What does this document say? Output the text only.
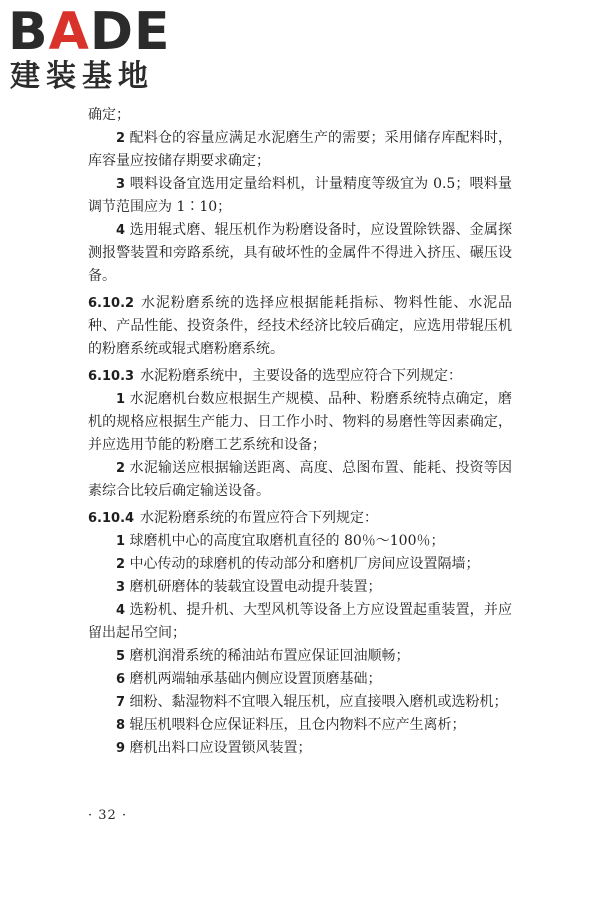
BADE
建装基地

确定；

2 配料仓的容量应满足水泥磨生产的需要；采用储存库配料时，库容量应按储存期要求确定；

3 喂料设备宜选用定量给料机，计量精度等级宜为 0.5；喂料量调节范围应为 1∶10；

4 选用辊式磨、辊压机作为粉磨设备时，应设置除铁器、金属探测报警装置和旁路系统，具有破坏性的金属件不得进入挤压、碾压设备。

6.10.2 水泥粉磨系统的选择应根据能耗指标、物料性能、水泥品种、产品性能、投资条件，经技术经济比较后确定，应选用带辊压机的粉磨系统或辊式磨粉磨系统。

6.10.3 水泥粉磨系统中，主要设备的选型应符合下列规定：

1 水泥磨机台数应根据生产规模、品种、粉磨系统特点确定，磨机的规格应根据生产能力、日工作小时、物料的易磨性等因素确定，并应选用节能的粉磨工艺系统和设备；

2 水泥输送应根据输送距离、高度、总图布置、能耗、投资等因素综合比较后确定输送设备。

6.10.4 水泥粉磨系统的布置应符合下列规定：

1 球磨机中心的高度宜取磨机直径的 80％～100％；

2 中心传动的球磨机的传动部分和磨机厂房间应设置隔墙；

3 磨机研磨体的装载宜设置电动提升装置；

4 选粉机、提升机、大型风机等设备上方应设置起重装置，并应留出起吊空间；

5 磨机润滑系统的稀油站布置应保证回油顺畅；

6 磨机两端轴承基础内侧应设置顶磨基础；

7 细粉、黏湿物料不宜喂入辊压机，应直接喂入磨机或选粉机；

8 辊压机喂料仓应保证料压，且仓内物料不应产生离析；

9 磨机出料口应设置锁风装置；

· 32 ·
